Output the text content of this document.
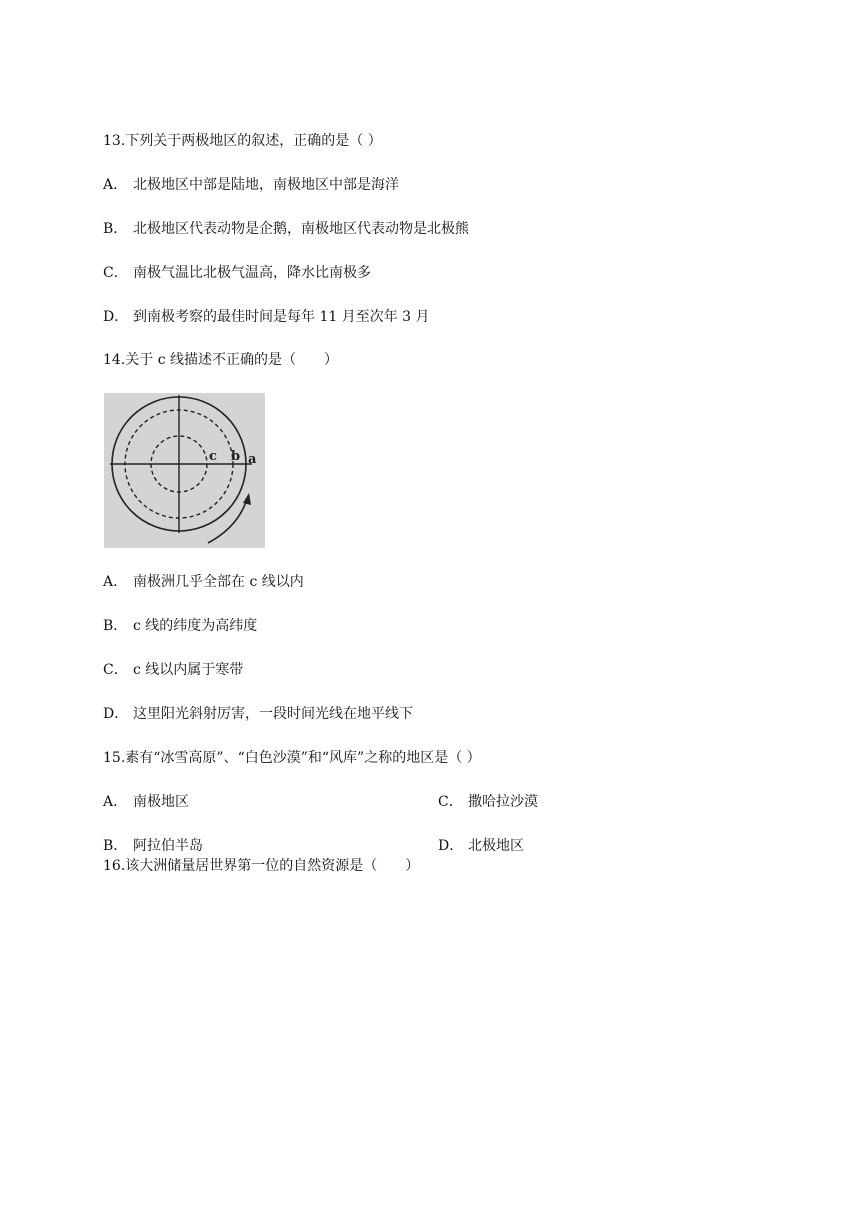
13.下列关于两极地区的叙述，正确的是（ ）
A． 北极地区中部是陆地，南极地区中部是海洋
B． 北极地区代表动物是企鹅，南极地区代表动物是北极熊
C． 南极气温比北极气温高，降水比南极多
D． 到南极考察的最佳时间是每年 11 月至次年 3 月
14.关于 c 线描述不正确的是（　　）
c b a
A． 南极洲几乎全部在 c 线以内
B． c 线的纬度为高纬度
C． c 线以内属于寒带
D． 这里阳光斜射厉害，一段时间光线在地平线下
15.素有“冰雪高原”、“白色沙漠”和“风库”之称的地区是（ ）
A． 南极地区	C． 撒哈拉沙漠
B． 阿拉伯半岛	D． 北极地区
16.该大洲储量居世界第一位的自然资源是（　　）
